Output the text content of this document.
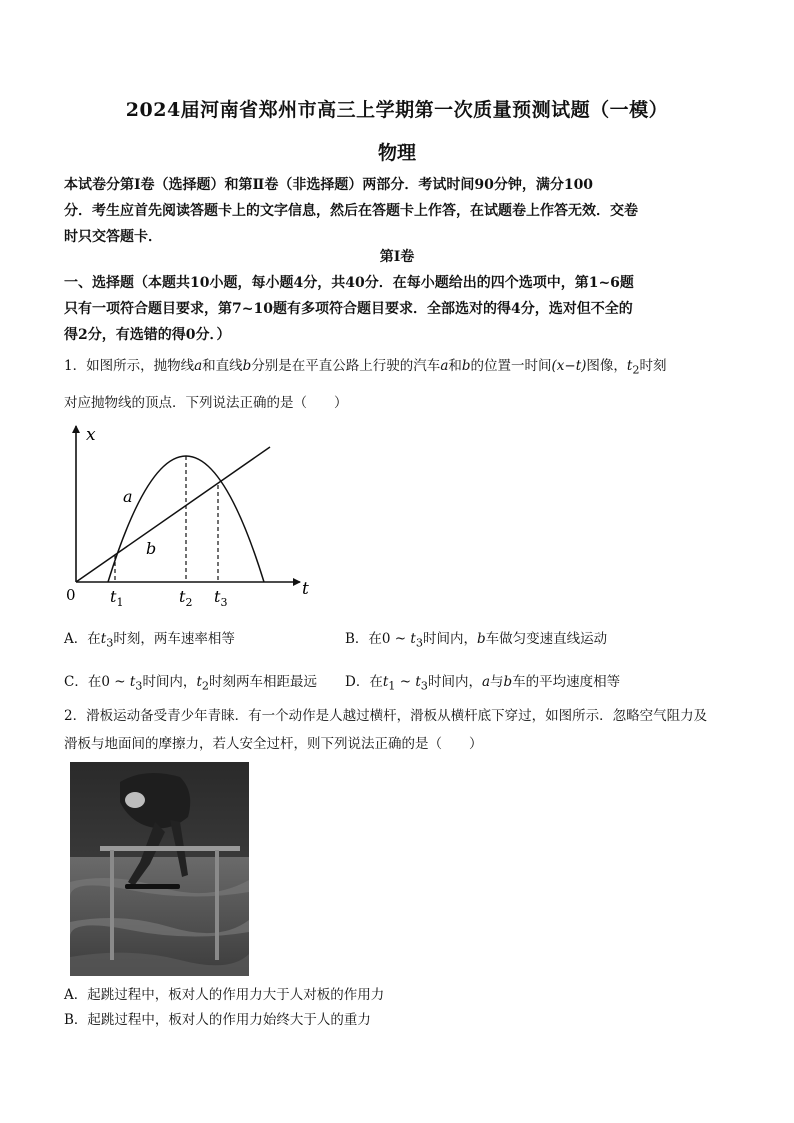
2024届河南省郑州市高三上学期第一次质量预测试题（一模）
物理
本试卷分第Ⅰ卷（选择题）和第Ⅱ卷（非选择题）两部分．考试时间90分钟，满分100
分．考生应首先阅读答题卡上的文字信息，然后在答题卡上作答，在试题卷上作答无效．交卷
时只交答题卡．
第Ⅰ卷
一、选择题（本题共10小题，每小题4分，共40分．在每小题给出的四个选项中，第1~6题
只有一项符合题目要求，第7~10题有多项符合题目要求．全部选对的得4分，选对但不全的
得2分，有选错的得0分．）
1．如图所示，抛物线a和直线b分别是在平直公路上行驶的汽车a和b的位置一时间(x−t)图像，$t_2$时刻
对应抛物线的顶点．下列说法正确的是（　　）
x
t
0
a
b
$t_1$	$t_2$ $t_3$
A．在$t_3$时刻，两车速率相等	B．在0 ~ $t_3$时间内，b车做匀变速直线运动
C．在0 ~ $t_3$时间内，$t_2$时刻两车相距最远 D．在$t_1$ ~ $t_3$时间内，a与b车的平均速度相等
2．滑板运动备受青少年青睐．有一个动作是人越过横杆，滑板从横杆底下穿过，如图所示．忽略空气阻力及
滑板与地面间的摩擦力，若人安全过杆，则下列说法正确的是（　　）
A．起跳过程中，板对人的作用力大于人对板的作用力
B．起跳过程中，板对人的作用力始终大于人的重力
